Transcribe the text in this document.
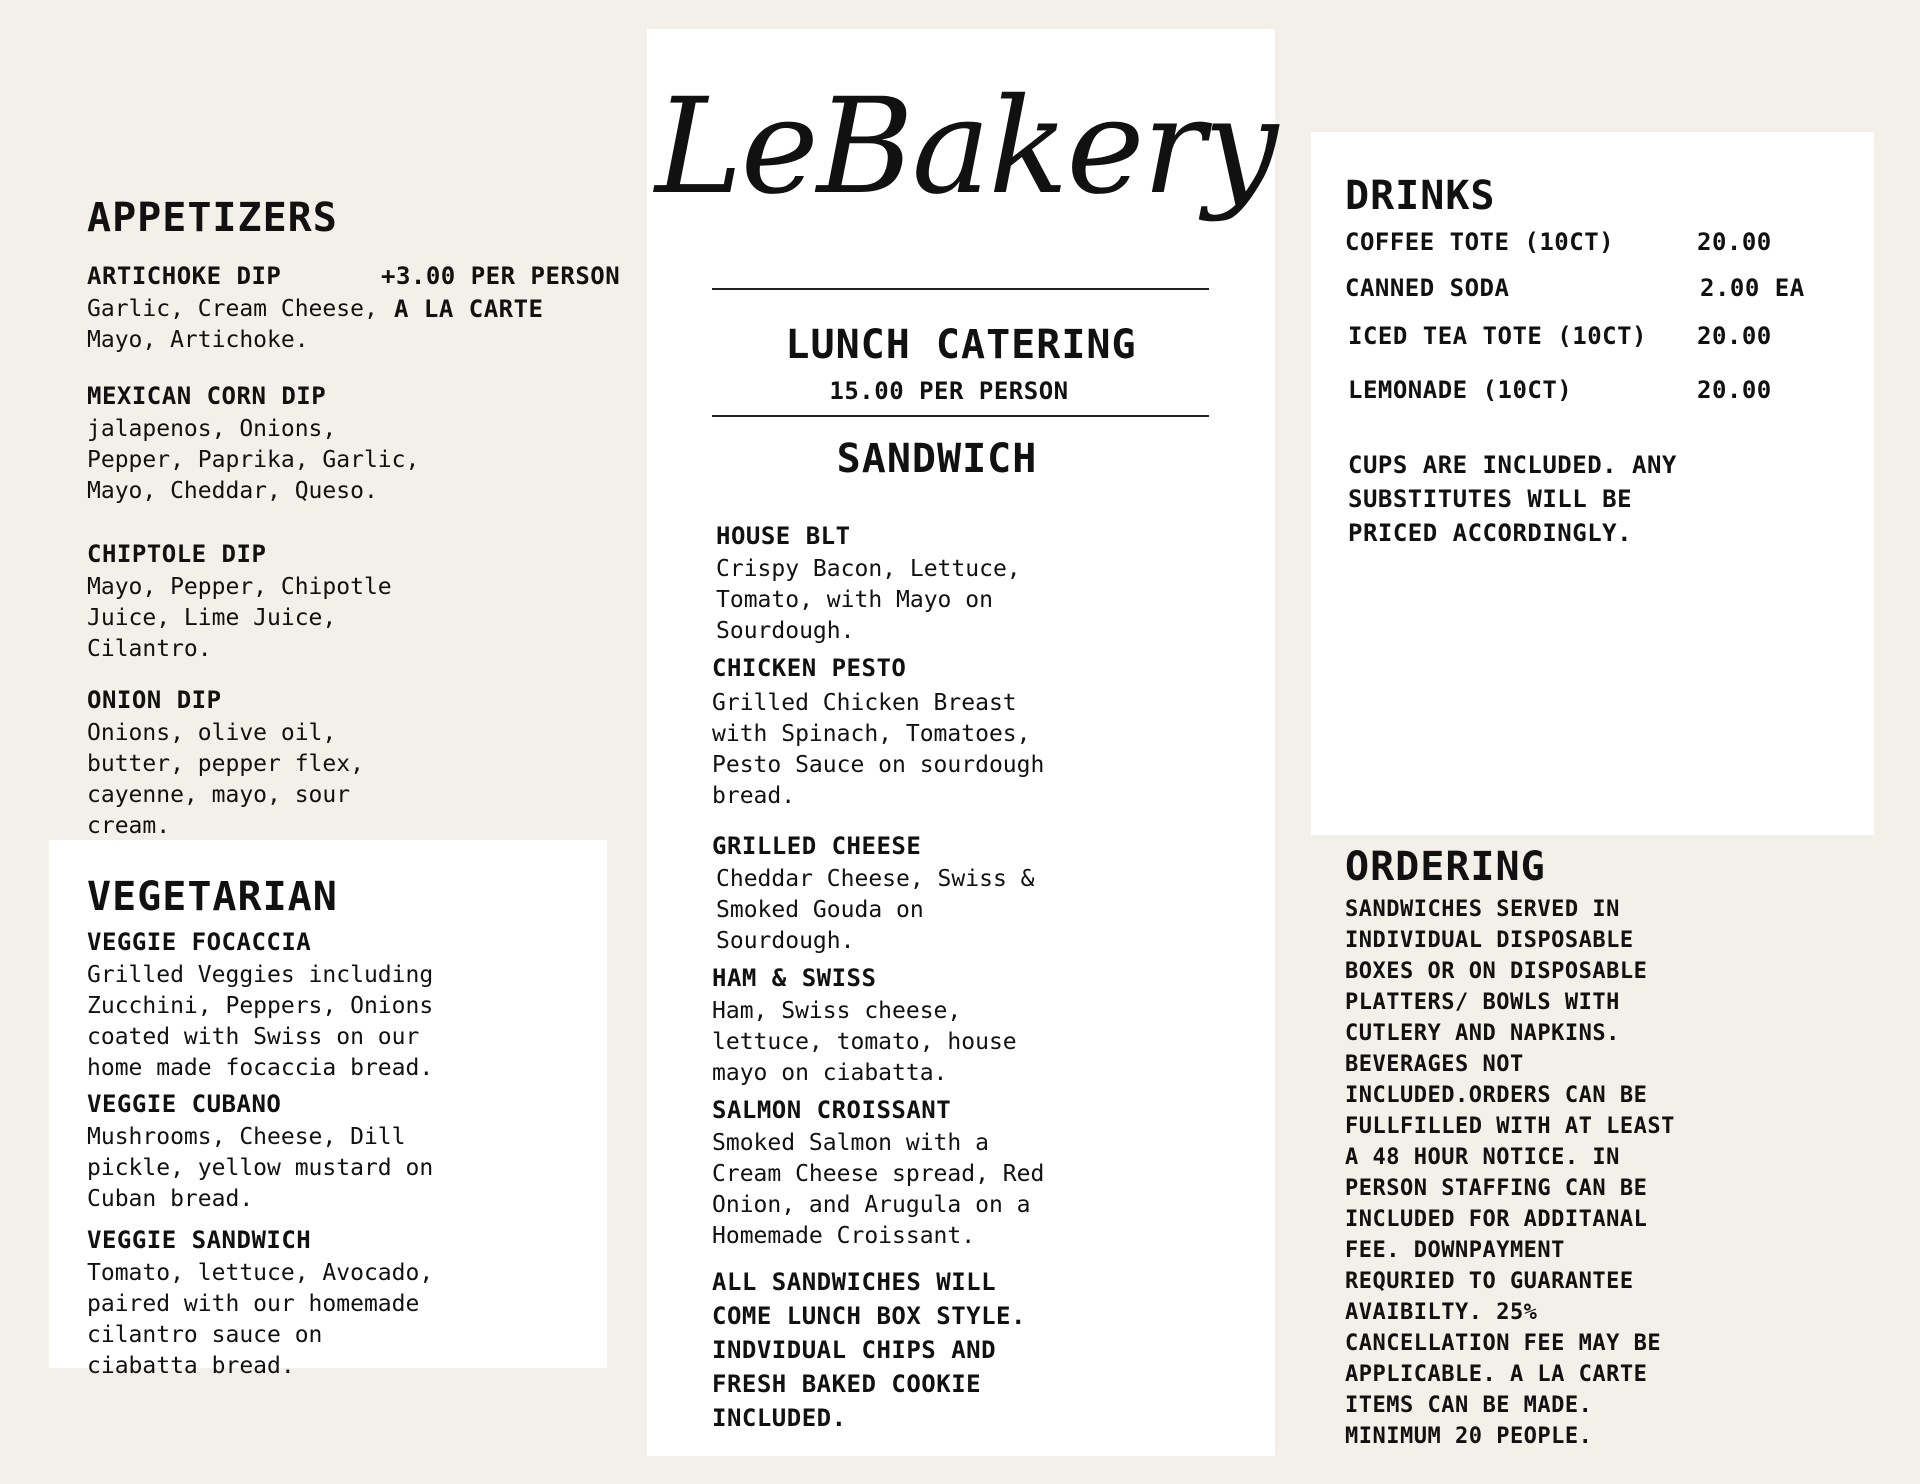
LeBakery
APPETIZERS
+3.00 PER PERSON
A LA CARTE
ARTICHOKE DIP
Garlic, Cream Cheese,
Mayo, Artichoke.
MEXICAN CORN DIP
jalapenos, Onions,
Pepper, Paprika, Garlic,
Mayo, Cheddar, Queso.
CHIPTOLE DIP
Mayo, Pepper, Chipotle
Juice, Lime Juice,
Cilantro.
ONION DIP
Onions, olive oil,
butter, pepper flex,
cayenne, mayo, sour
cream.
VEGETARIAN
VEGGIE FOCACCIA
Grilled Veggies including
Zucchini, Peppers, Onions
coated with Swiss on our
home made focaccia bread.
VEGGIE CUBANO
Mushrooms, Cheese, Dill
pickle, yellow mustard on
Cuban bread.
VEGGIE SANDWICH
Tomato, lettuce, Avocado,
paired with our homemade
cilantro sauce on
ciabatta bread.
LUNCH CATERING
15.00 PER PERSON
SANDWICH
HOUSE BLT
Crispy Bacon, Lettuce,
Tomato, with Mayo on
Sourdough.
CHICKEN PESTO
Grilled Chicken Breast
with Spinach, Tomatoes,
Pesto Sauce on sourdough
bread.
GRILLED CHEESE
Cheddar Cheese, Swiss &
Smoked Gouda on
Sourdough.
HAM & SWISS
Ham, Swiss cheese,
lettuce, tomato, house
mayo on ciabatta.
SALMON CROISSANT
Smoked Salmon with a
Cream Cheese spread, Red
Onion, and Arugula on a
Homemade Croissant.
ALL SANDWICHES WILL
COME LUNCH BOX STYLE.
INDVIDUAL CHIPS AND
FRESH BAKED COOKIE
INCLUDED.
DRINKS
COFFEE TOTE (10CT)	20.00
CANNED SODA	2.00 EA
ICED TEA TOTE (10CT) 20.00
LEMONADE (10CT)	20.00
CUPS ARE INCLUDED. ANY
SUBSTITUTES WILL BE
PRICED ACCORDINGLY.
ORDERING
SANDWICHES SERVED IN
INDIVIDUAL DISPOSABLE
BOXES OR ON DISPOSABLE
PLATTERS/ BOWLS WITH
CUTLERY AND NAPKINS.
BEVERAGES NOT
INCLUDED.ORDERS CAN BE
FULLFILLED WITH AT LEAST
A 48 HOUR NOTICE. IN
PERSON STAFFING CAN BE
INCLUDED FOR ADDITANAL
FEE. DOWNPAYMENT
REQURIED TO GUARANTEE
AVAIBILTY. 25%
CANCELLATION FEE MAY BE
APPLICABLE. A LA CARTE
ITEMS CAN BE MADE.
MINIMUM 20 PEOPLE.
